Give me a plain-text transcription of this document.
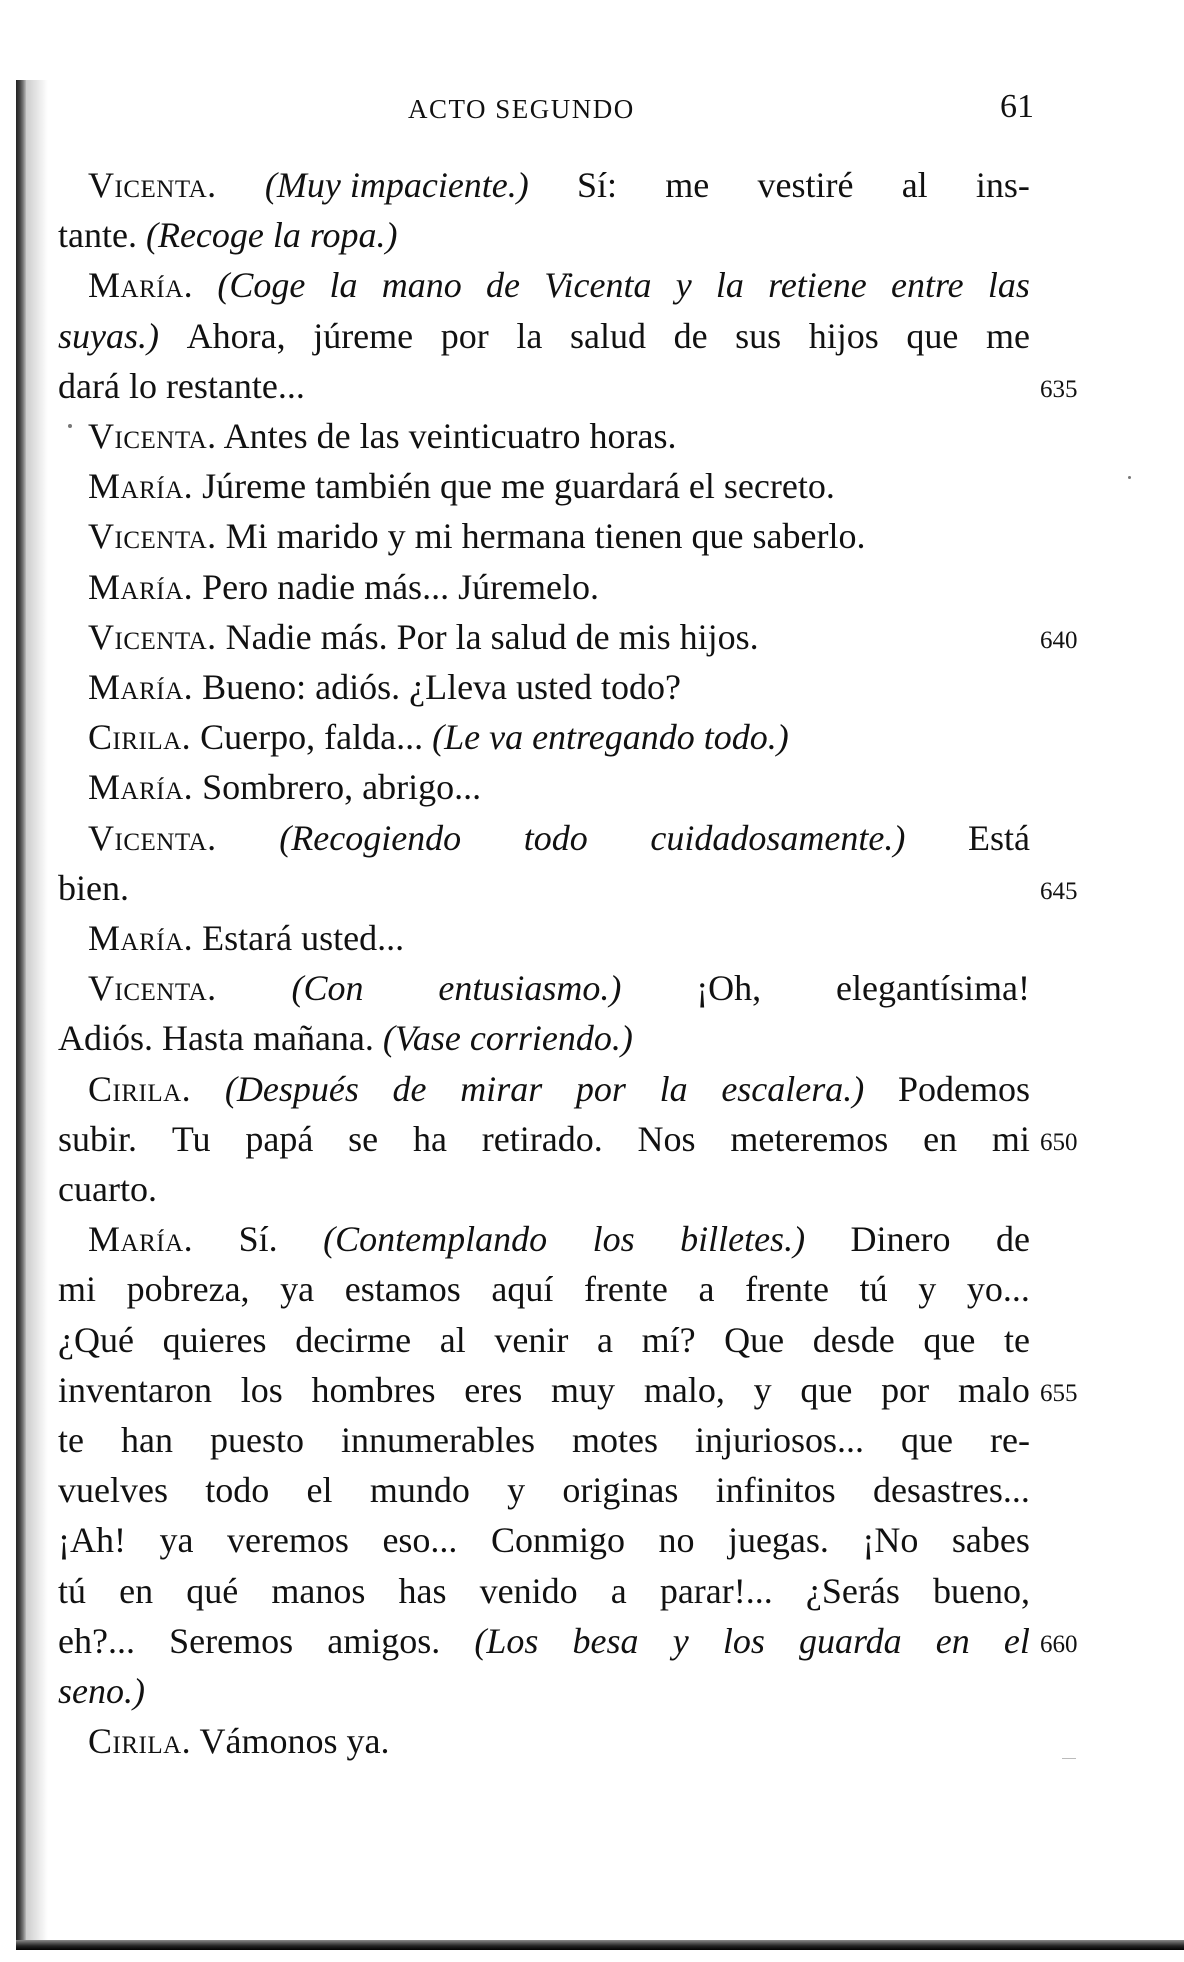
ACTO SEGUNDO	61
Vicenta. (Muy impaciente.) Sí: me vestiré al ins-
tante. (Recoge la ropa.)
María. (Coge la mano de Vicenta y la retiene entre las
suyas.) Ahora, júreme por la salud de sus hijos que me
dará lo restante...
Vicenta. Antes de las veinticuatro horas.
María. Júreme también que me guardará el secreto.
Vicenta. Mi marido y mi hermana tienen que saberlo.
María. Pero nadie más... Júremelo.
Vicenta. Nadie más. Por la salud de mis hijos.
María. Bueno: adiós. ¿Lleva usted todo?
Cirila. Cuerpo, falda... (Le va entregando todo.)
María. Sombrero, abrigo...
Vicenta. (Recogiendo todo cuidadosamente.) Está
bien.
María. Estará usted...
Vicenta. (Con entusiasmo.) ¡Oh, elegantísima!
Adiós. Hasta mañana. (Vase corriendo.)
Cirila. (Después de mirar por la escalera.) Podemos
subir. Tu papá se ha retirado. Nos meteremos en mi
cuarto.
María. Sí. (Contemplando los billetes.) Dinero de
mi pobreza, ya estamos aquí frente a frente tú y yo...
¿Qué quieres decirme al venir a mí? Que desde que te
inventaron los hombres eres muy malo, y que por malo
te han puesto innumerables motes injuriosos... que re-
vuelves todo el mundo y originas infinitos desastres...
¡Ah! ya veremos eso... Conmigo no juegas. ¡No sabes
tú en qué manos has venido a parar!... ¿Serás bueno,
eh?... Seremos amigos. (Los besa y los guarda en el
seno.)
Cirila. Vámonos ya.
635
640
645
650
655
660
